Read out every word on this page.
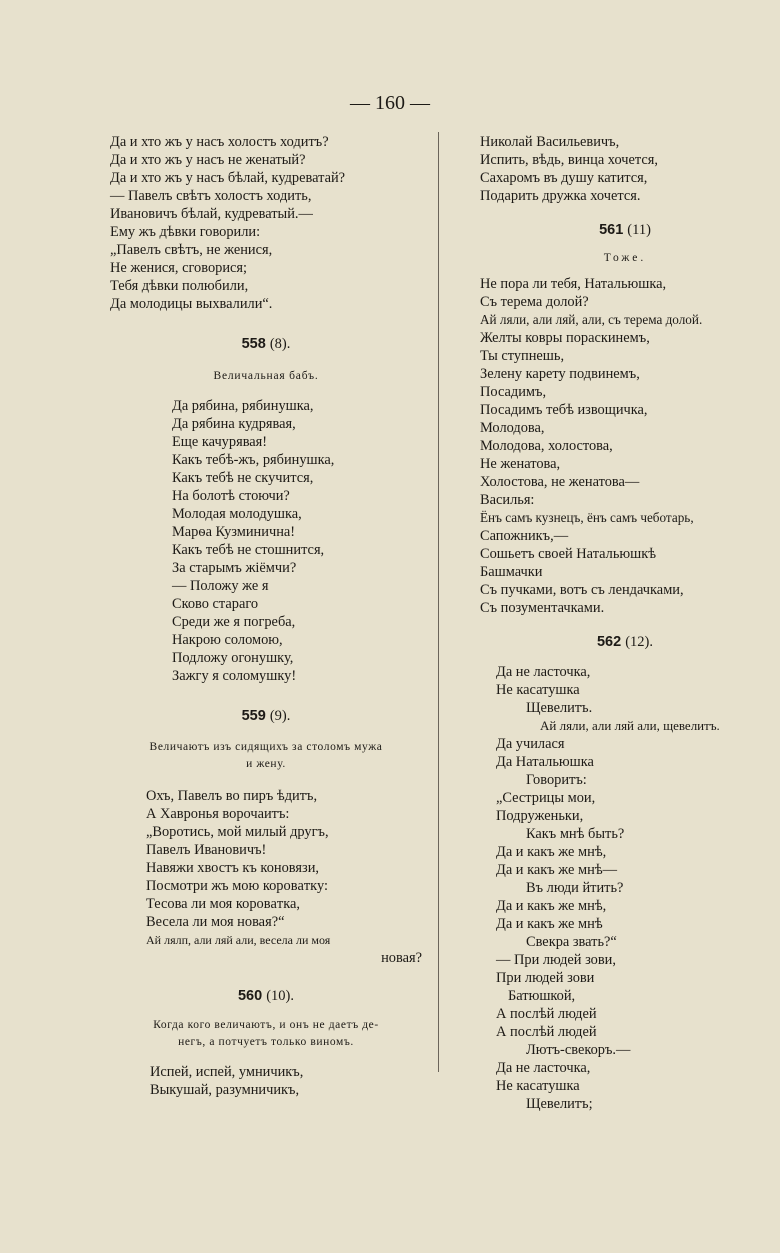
— 160 —
Да и хто жъ у насъ холостъ ходитъ?
Да и хто жъ у насъ не женатый?
Да и хто жъ у насъ бѣлай, кудреватай?
— Павелъ свѣтъ холостъ ходить,
Ивановичъ бѣлай, кудреватый.—
Ему жъ дѣвки говорили:
„Павелъ свѣтъ, не женися,
Не женися, сговорися;
Тебя дѣвки полюбили,
Да молодицы выхвалили“.
558 (8).
Величальная бабъ.
Да рябина, рябинушка,
Да рябина кудрявая,
Еще качурявая!
Какъ тебѣ-жъ, рябинушка,
Какъ тебѣ не скучится,
На болотѣ стоючи?
Молодая молодушка,
Марѳа Кузминична!
Какъ тебѣ не стошнится,
За старымъ жіёмчи?
— Положу же я
Сково стараго
Среди же я погреба,
Накрою соломою,
Подложу огонушку,
Зажгу я соломушку!
559 (9).
Величаютъ изъ сидящихъ за столомъ мужа
и жену.
Охъ, Павелъ во пиръ ѣдитъ,
А Хавронья ворочаитъ:
„Воротись, мой милый другъ,
Павелъ Ивановичъ!
Навяжи хвостъ къ коновязи,
Посмотри жъ мою коровaтку:
Тесова ли моя коровaтка,
Весела ли моя новая?“
Ай лялп, али ляй али, весела ли моя
новая?
560 (10).
Когда кого величаютъ, и онъ не даетъ де-
негъ, а потчуетъ только виномъ.
Испей, испей, умничикъ,
Выкушай, разумничикъ,
Николай Васильевичъ,
Испить, вѣдь, винца хочется,
Сахаромъ въ душу катится,
Подарить дружка хочется.
561 (11)
Тоже.
Не пора ли тебя, Натальюшка,
Съ терема долой?
Ай ляли, али ляй, али, съ терема долой.
Желты ковры пораскинемъ,
Ты ступнешь,
Зелену карету подвинемъ,
Посадимъ,
Посадимъ тебѣ извощичка,
Молодова,
Молодова, холостова,
Не женатова,
Холостова, не женатова—
Василья:
Ёнъ самъ кузнецъ, ёнъ самъ чеботарь,
Сапожникъ,—
Сошьетъ своей Натальюшкѣ
Башмачки
Съ пучками, вотъ съ лендачками,
Съ позументачками.
562 (12).
Да не ласточка,
Не касатушка
Щевелитъ.
Ай ляли, али ляй али, щевелитъ.
Да училася
Да Натальюшка
Говоритъ:
„Сестрицы мои,
Подруженьки,
Какъ мнѣ быть?
Да и какъ же мнѣ,
Да и какъ же мнѣ—
Въ люди йтить?
Да и какъ же мнѣ,
Да и какъ же мнѣ
Свекра звать?“
— При людей зови,
При людей зови
Батюшкой,
А послѣй людей
А послѣй людей
Лютъ-свекоръ.—
Да не ласточка,
Не касатушка
Щевелитъ;
